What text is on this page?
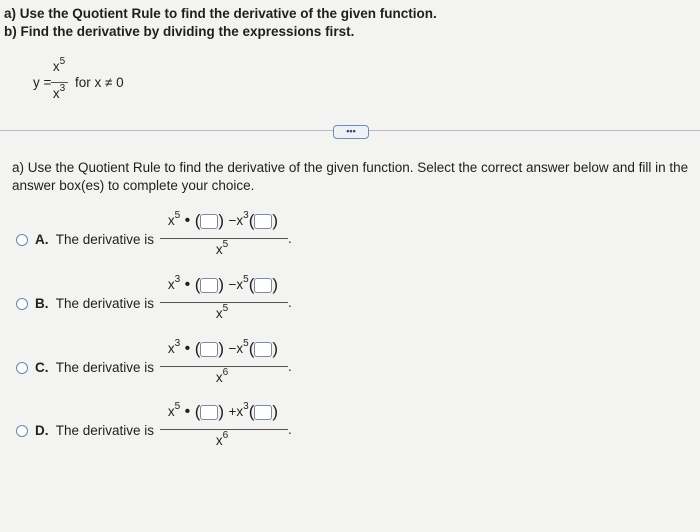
a) Use the Quotient Rule to find the derivative of the given function.
b) Find the derivative by dividing the expressions first.
y =
$x^5$
$x^3$ for x ≠ 0
•••
a) Use the Quotient Rule to find the derivative of the given function. Select the correct answer below and fill in the
answer box(es) to complete your choice.
A. The derivative is
$x^5$ • ( ) $-x^3$( )
.
$x^5$
B. The derivative is
$x^3$ • ( ) $-x^5$( )
.
$x^5$
C. The derivative is
$x^3$ • ( ) $-x^5$( )
.
$x^6$
D. The derivative is
$x^5$ • ( ) $+x^3$( )
.
$x^6$
